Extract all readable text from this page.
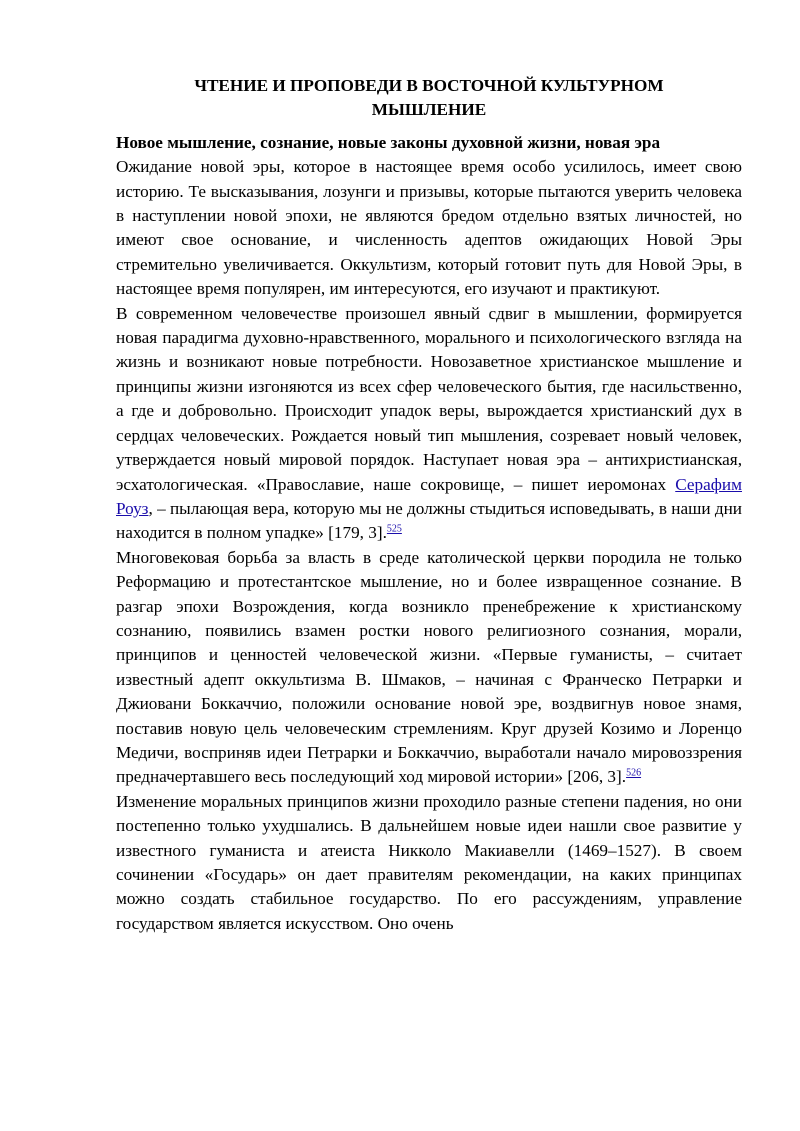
ЧТЕНИЕ И ПРОПОВЕДИ В ВОСТОЧНОЙ КУЛЬТУРНОМ МЫШЛЕНИЕ
Новое мышление, сознание, новые законы духовной жизни, новая эра

Ожидание новой эры, которое в настоящее время особо усилилось, имеет свою историю. Те высказывания, лозунги и призывы, которые пытаются уверить человека в наступлении новой эпохи, не являются бредом отдельно взятых личностей, но имеют свое основание, и численность адептов ожидающих Новой Эры стремительно увеличивается. Оккультизм, который готовит путь для Новой Эры, в настоящее время популярен, им интересуются, его изучают и практикуют.

В современном человечестве произошел явный сдвиг в мышлении, формируется новая парадигма духовно-нравственного, морального и психологического взгляда на жизнь и возникают новые потребности. Новозаветное христианское мышление и принципы жизни изгоняются из всех сфер человеческого бытия, где насильственно, а где и добровольно. Происходит упадок веры, вырождается христианский дух в сердцах человеческих. Рождается новый тип мышления, созревает новый человек, утверждается новый мировой порядок. Наступает новая эра – антихристианская, эсхатологическая. «Православие, наше сокровище, – пишет иеромонах Серафим Роуз, – пылающая вера, которую мы не должны стыдиться исповедывать, в наши дни находится в полном упадке» [179, 3].$^{525}$

Многовековая борьба за власть в среде католической церкви породила не только Реформацию и протестантское мышление, но и более извращенное сознание. В разгар эпохи Возрождения, когда возникло пренебрежение к христианскому сознанию, появились взамен ростки нового религиозного сознания, морали, принципов и ценностей человеческой жизни. «Первые гуманисты, – считает известный адепт оккультизма В. Шмаков, – начиная с Франческо Петрарки и Джиовани Боккаччио, положили основание новой эре, воздвигнув новое знамя, поставив новую цель человеческим стремлениям. Круг друзей Козимо и Лоренцо Медичи, восприняв идеи Петрарки и Боккаччио, выработали начало мировоззрения предначертавшего весь последующий ход мировой истории» [206, 3].$^{526}$

Изменение моральных принципов жизни проходило разные степени падения, но они постепенно только ухудшались. В дальнейшем новые идеи нашли свое развитие у известного гуманиста и атеиста Никколо Макиавелли (1469–1527). В своем сочинении «Государь» он дает правителям рекомендации, на каких принципах можно создать стабильное государство. По его рассуждениям, управление государством является искусством. Оно очень
